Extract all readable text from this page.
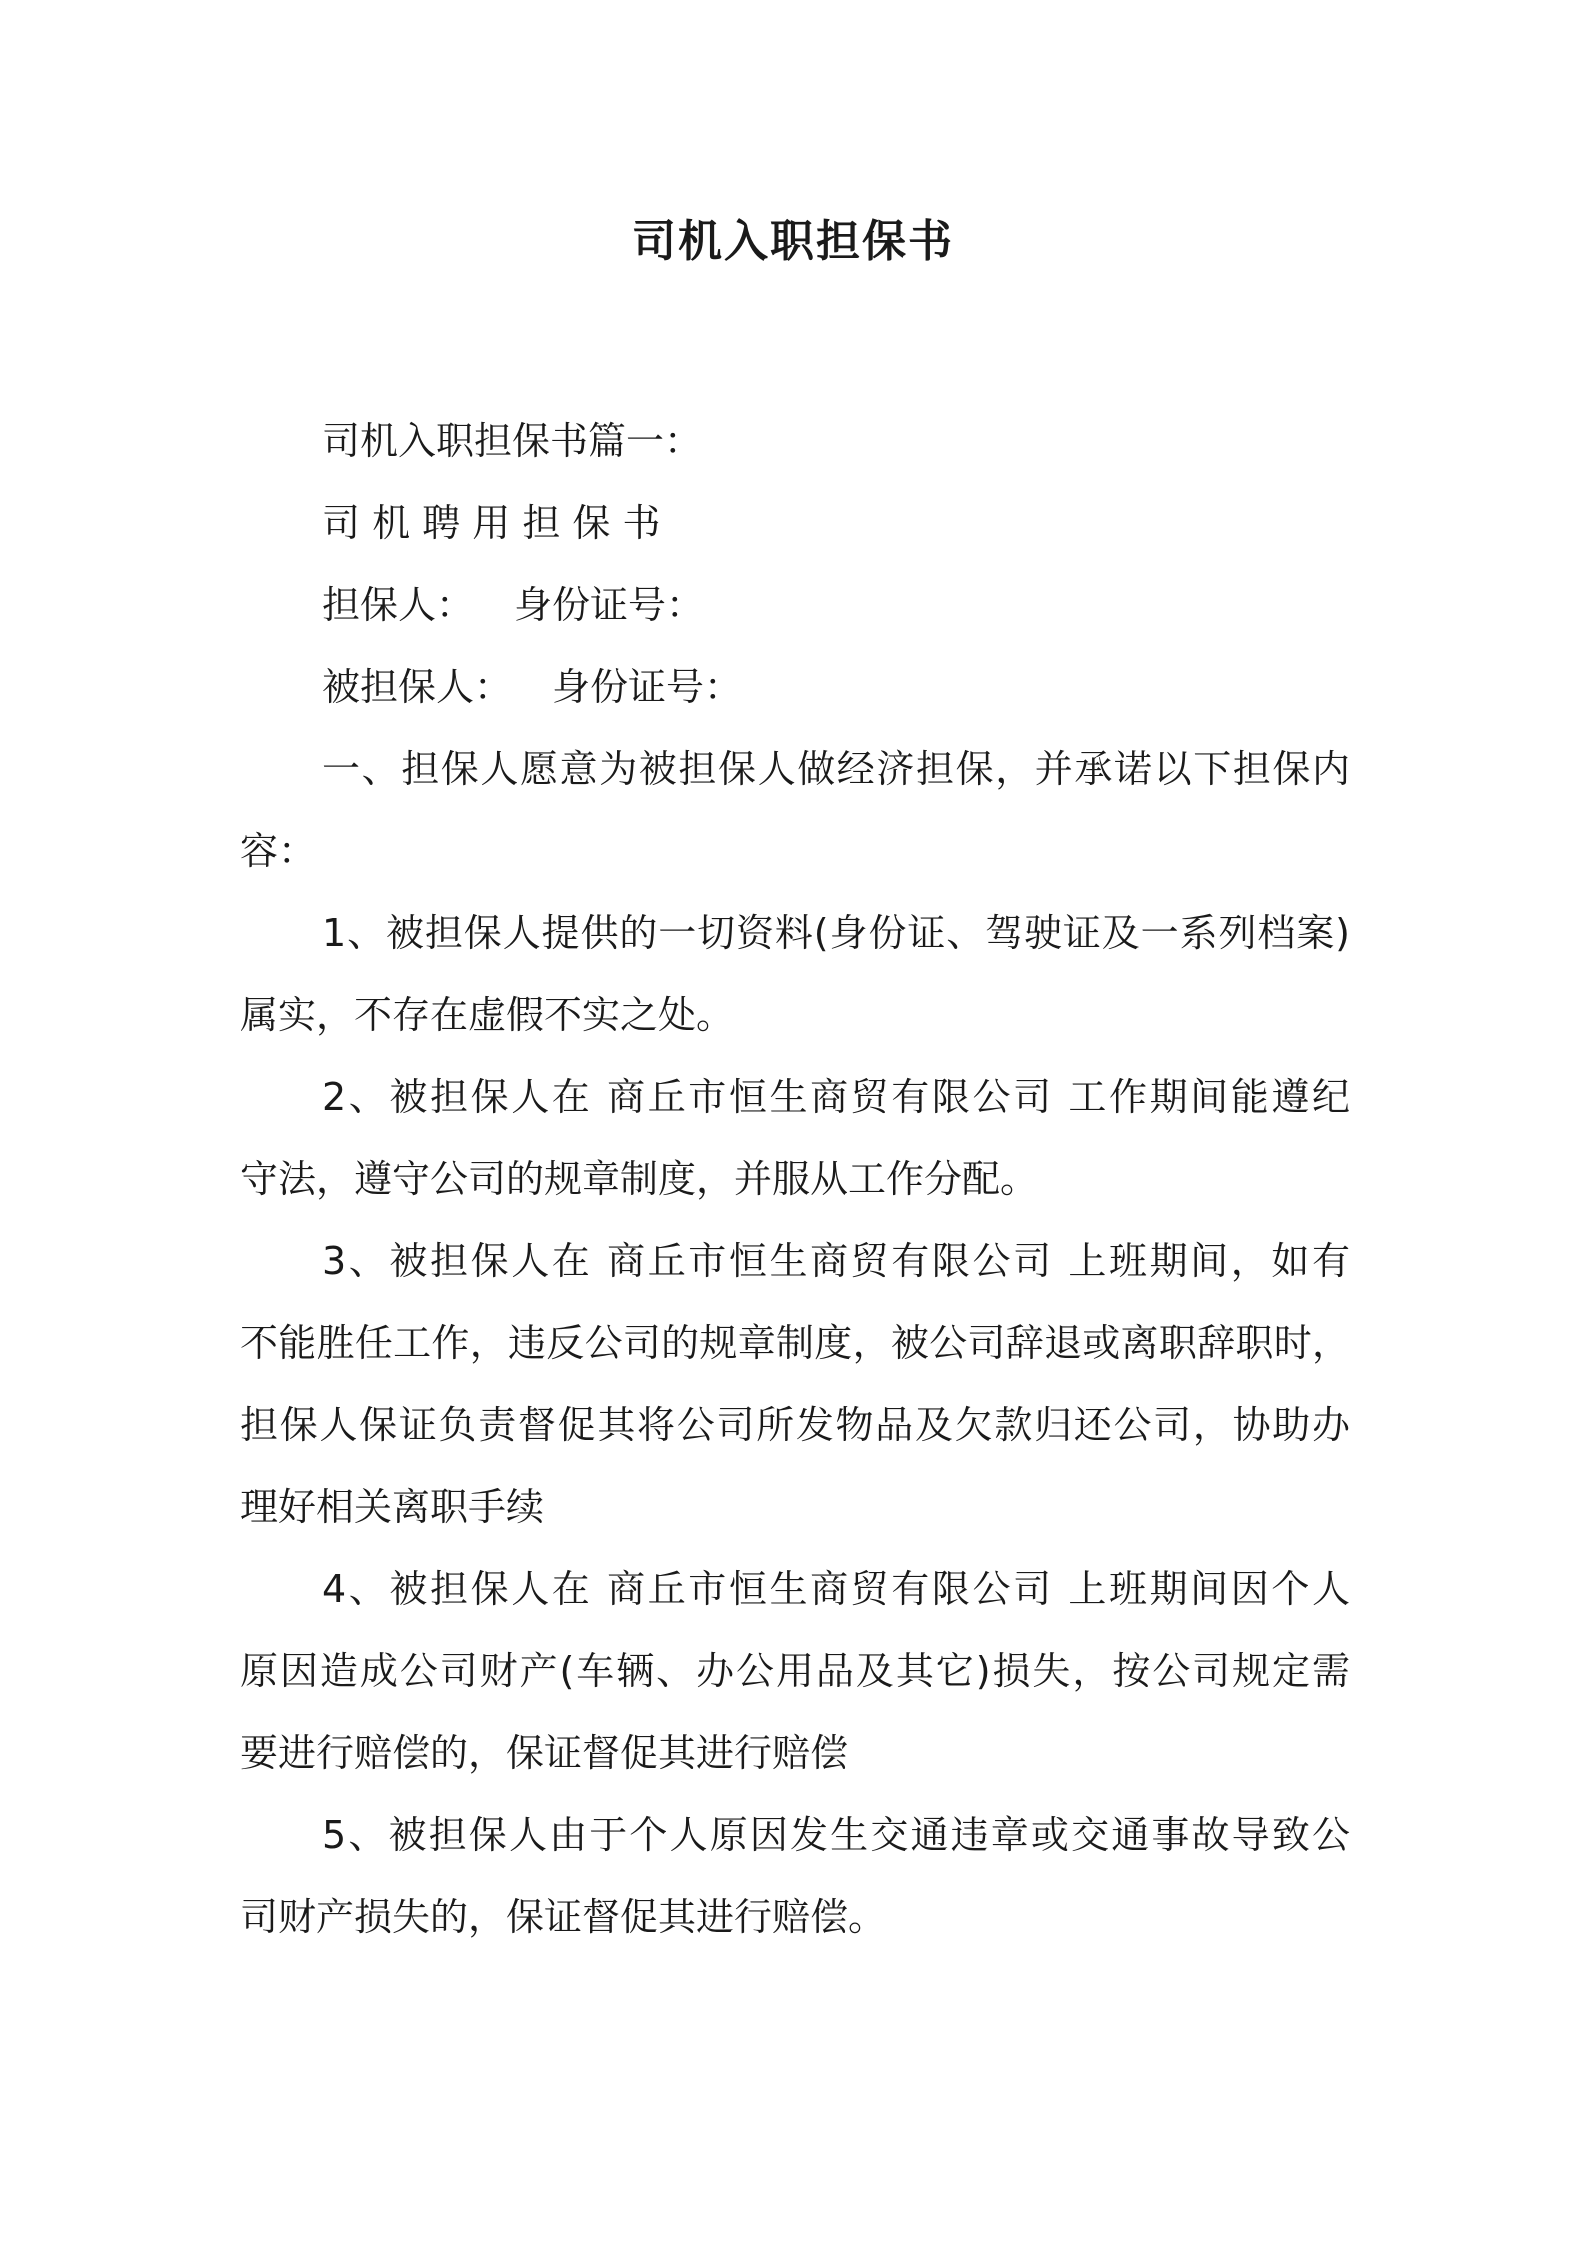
司机入职担保书
司机入职担保书篇一：
司 机 聘 用 担 保 书
担保人： 身份证号：
被担保人： 身份证号：
一、担保人愿意为被担保人做经济担保，并承诺以下担保内
容：
1、被担保人提供的一切资料(身份证、驾驶证及一系列档案)
属实，不存在虚假不实之处。
2、被担保人在 商丘市恒生商贸有限公司 工作期间能遵纪
守法，遵守公司的规章制度，并服从工作分配。
3、被担保人在 商丘市恒生商贸有限公司 上班期间，如有
不能胜任工作，违反公司的规章制度，被公司辞退或离职辞职时，
担保人保证负责督促其将公司所发物品及欠款归还公司，协助办
理好相关离职手续
4、被担保人在 商丘市恒生商贸有限公司 上班期间因个人
原因造成公司财产(车辆、办公用品及其它)损失，按公司规定需
要进行赔偿的，保证督促其进行赔偿
5、被担保人由于个人原因发生交通违章或交通事故导致公
司财产损失的，保证督促其进行赔偿。
